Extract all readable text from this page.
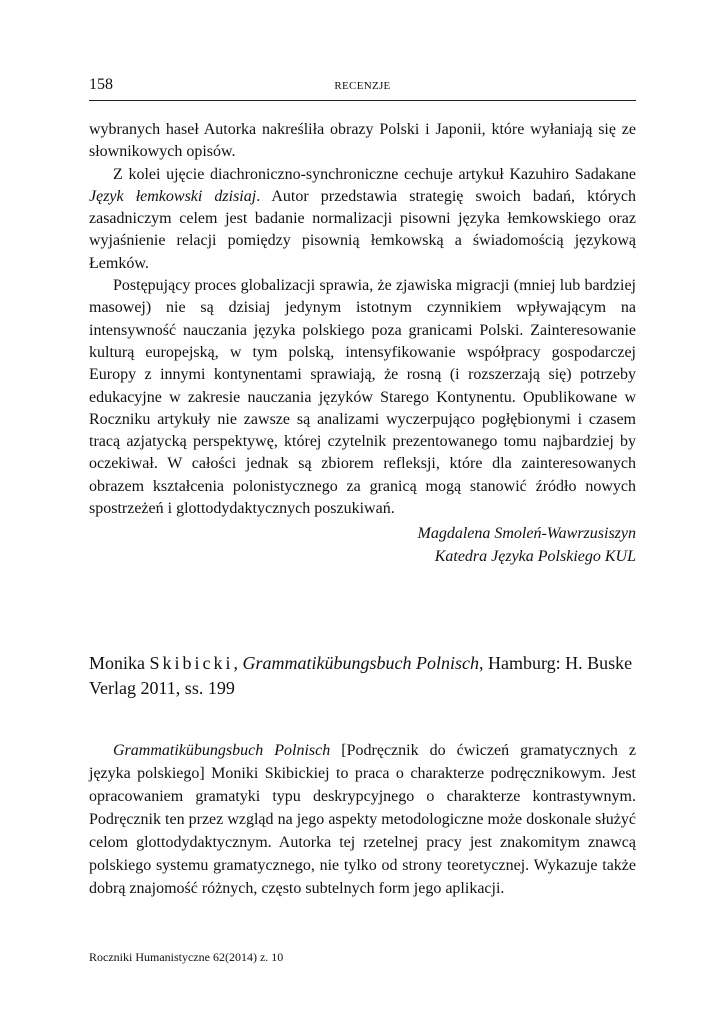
158	RECENZJE

wybranych haseł Autorka nakreśliła obrazy Polski i Japonii, które wyłaniają się ze słownikowych opisów.

Z kolei ujęcie diachroniczno-synchroniczne cechuje artykuł Kazuhiro Sadakane Język łemkowski dzisiaj. Autor przedstawia strategię swoich badań, których zasadniczym celem jest badanie normalizacji pisowni języka łemkowskiego oraz wyjaśnienie relacji pomiędzy pisownią łemkowską a świadomością językową Łemków.

Postępujący proces globalizacji sprawia, że zjawiska migracji (mniej lub bardziej masowej) nie są dzisiaj jedynym istotnym czynnikiem wpływającym na intensywność nauczania języka polskiego poza granicami Polski. Zainteresowanie kulturą europejską, w tym polską, intensyfikowanie współpracy gospodarczej Europy z innymi kontynentami sprawiają, że rosną (i rozszerzają się) potrzeby edukacyjne w zakresie nauczania języków Starego Kontynentu. Opublikowane w Roczniku artykuły nie zawsze są analizami wyczerpująco pogłębionymi i czasem tracą azjatycką perspektywę, której czytelnik prezentowanego tomu najbardziej by oczekiwał. W całości jednak są zbiorem refleksji, które dla zainteresowanych obrazem kształcenia polonistycznego za granicą mogą stanowić źródło nowych spostrzeżeń i glottodydaktycznych poszukiwań.

Magdalena Smoleń-Wawrzusiszyn
Katedra Języka Polskiego KUL
Monika Skibicki, Grammatikübungsbuch Polnisch, Hamburg: H. Buske Verlag 2011, ss. 199

Grammatikübungsbuch Polnisch [Podręcznik do ćwiczeń gramatycznych z języka polskiego] Moniki Skibickiej to praca o charakterze podręcznikowym. Jest opracowaniem gramatyki typu deskrypcyjnego o charakterze kontrastywnym. Podręcznik ten przez wzgląd na jego aspekty metodologiczne może doskonale służyć celom glottodydaktycznym. Autorka tej rzetelnej pracy jest znakomitym znawcą polskiego systemu gramatycznego, nie tylko od strony teoretycznej. Wykazuje także dobrą znajomość różnych, często subtelnych form jego aplikacji.

Roczniki Humanistyczne 62(2014) z. 10
